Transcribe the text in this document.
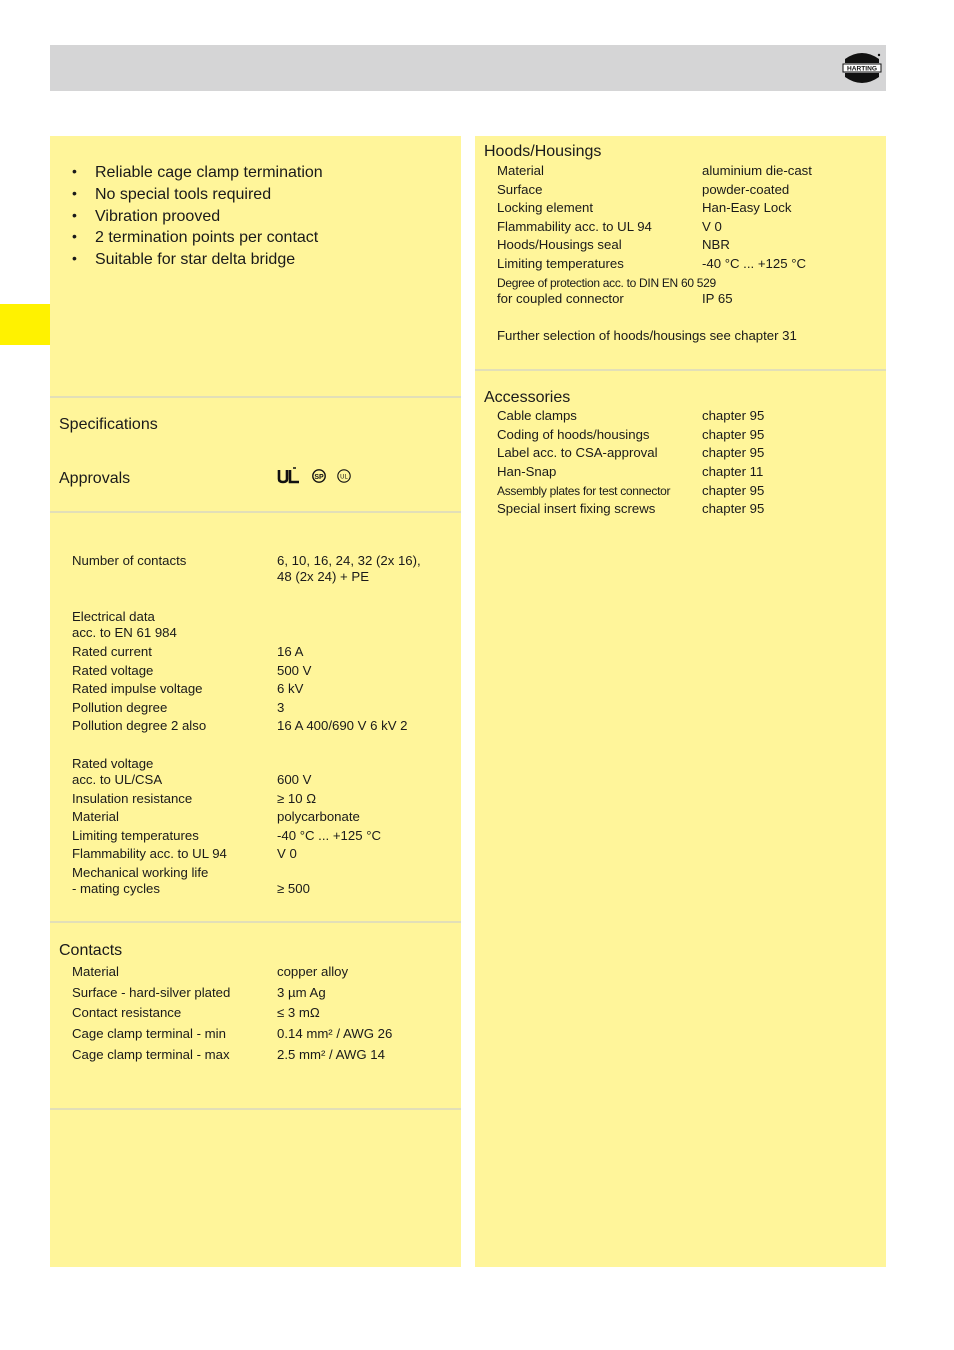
HARTING
• Reliable cage clamp termination
• No special tools required
• Vibration prooved
• 2 termination points per contact
• Suitable for star delta bridge
Specifications
Approvals	SP	UL
Number of contacts	6, 10, 16, 24, 32 (2x 16),
48 (2x 24) + PE
Electrical data
acc. to EN 61 984
Rated current	16 A
Rated voltage	500 V
Rated impulse voltage	6 kV
Pollution degree	3
Pollution degree 2 also	16 A 400/690 V 6 kV 2
Rated voltage
acc. to UL/CSA	600 V
Insulation resistance	≥ 10 Ω
Material	polycarbonate
Limiting temperatures	-40 °C ... +125 °C
Flammability acc. to UL 94	V 0
Mechanical working life
- mating cycles	≥ 500
Contacts
Material	copper alloy
Surface - hard-silver plated	3 µm Ag
Contact resistance	≤ 3 mΩ
Cage clamp terminal - min	0.14 mm² / AWG 26
Cage clamp terminal - max	2.5 mm² / AWG 14
Hoods/Housings
Material	aluminium die-cast
Surface	powder-coated
Locking element	Han-Easy Lock
Flammability acc. to UL 94	V 0
Hoods/Housings seal	NBR
Limiting temperatures	-40 °C ... +125 °C
Degree of protection acc. to DIN EN 60 529
for coupled connector	IP 65
Further selection of hoods/housings see chapter 31
Accessories
Cable clamps	chapter 95
Coding of hoods/housings	chapter 95
Label acc. to CSA-approval	chapter 95
Han-Snap	chapter 11
Assembly plates for test connector chapter 95
Special insert fixing screws	chapter 95
